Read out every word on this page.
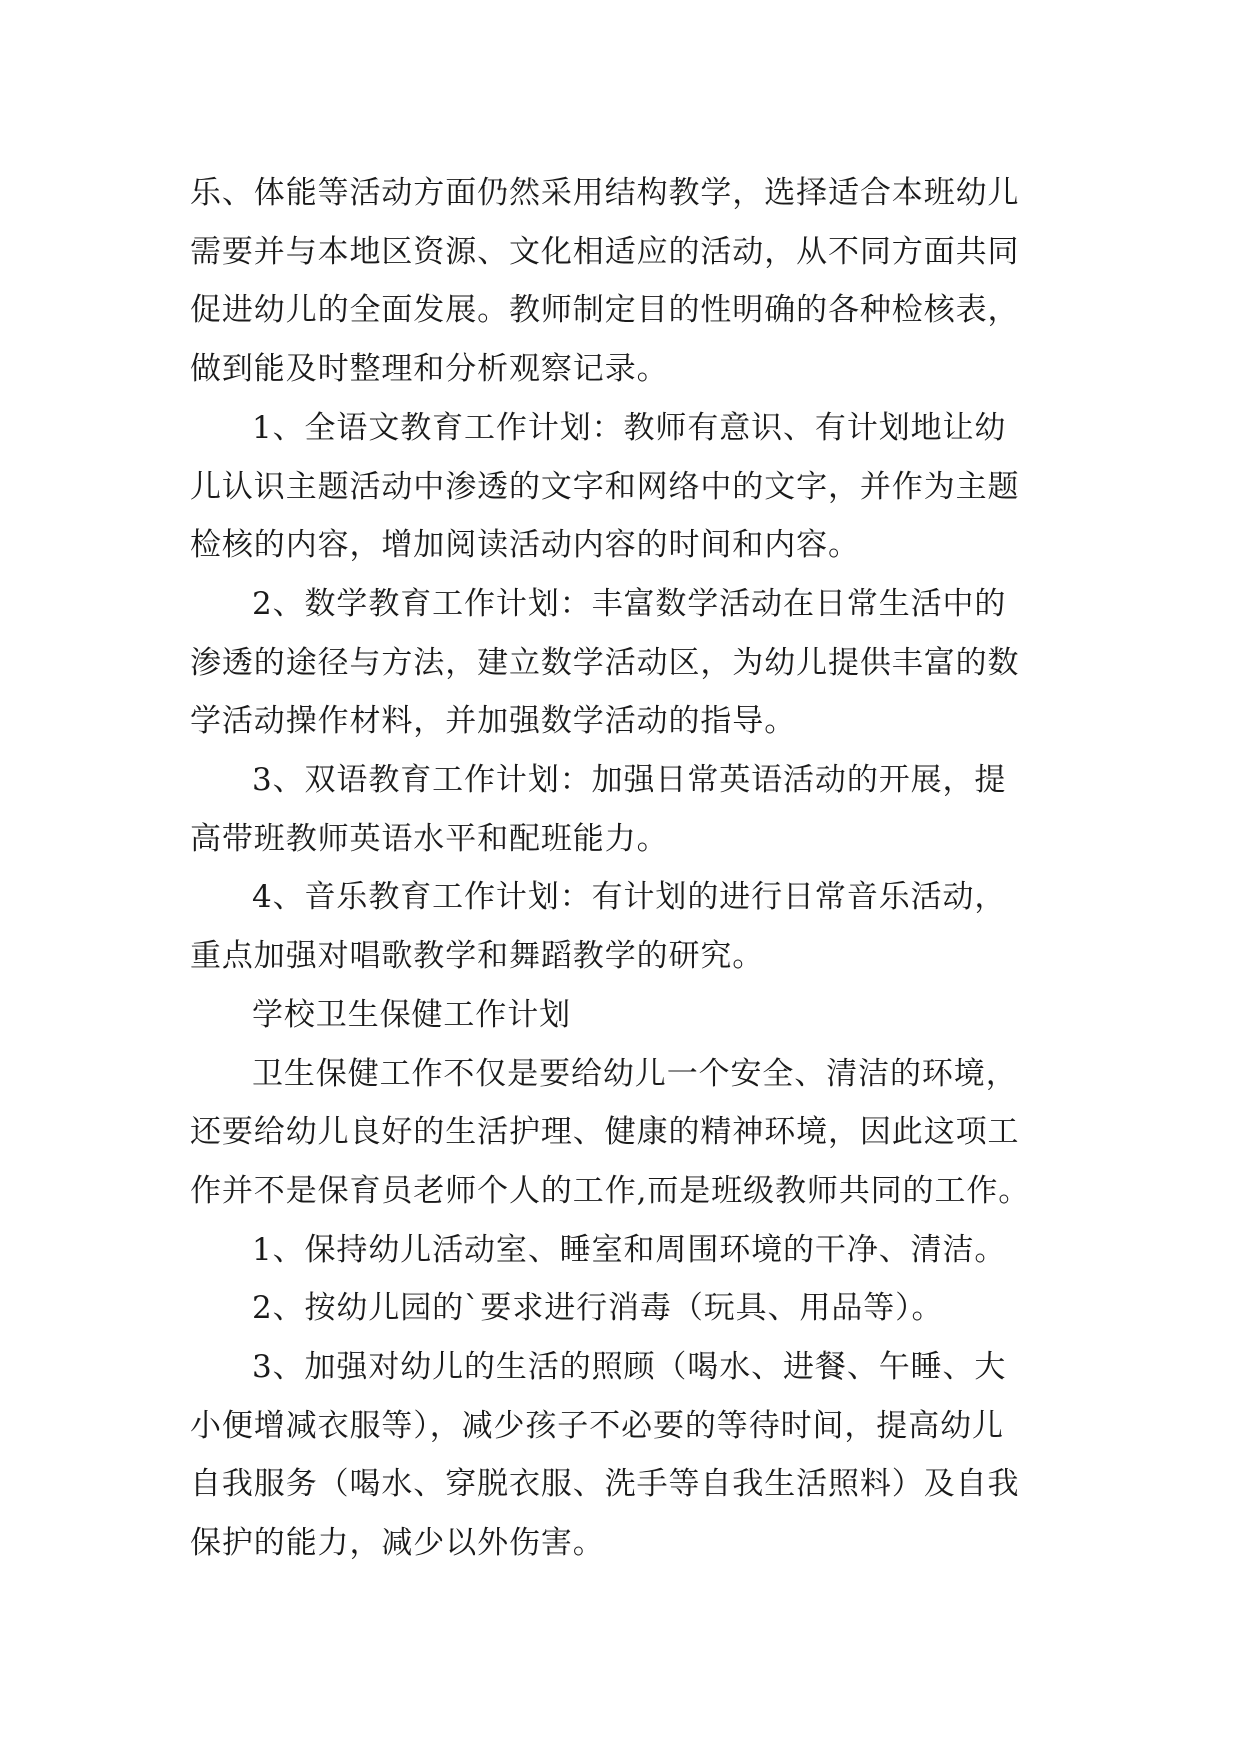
乐、体能等活动方面仍然采用结构教学，选择适合本班幼儿
需要并与本地区资源、文化相适应的活动，从不同方面共同
促进幼儿的全面发展。教师制定目的性明确的各种检核表，
做到能及时整理和分析观察记录。

1、全语文教育工作计划：教师有意识、有计划地让幼
儿认识主题活动中渗透的文字和网络中的文字，并作为主题
检核的内容，增加阅读活动内容的时间和内容。

2、数学教育工作计划：丰富数学活动在日常生活中的
渗透的途径与方法，建立数学活动区，为幼儿提供丰富的数
学活动操作材料，并加强数学活动的指导。

3、双语教育工作计划：加强日常英语活动的开展，提
高带班教师英语水平和配班能力。

4、音乐教育工作计划：有计划的进行日常音乐活动，
重点加强对唱歌教学和舞蹈教学的研究。

学校卫生保健工作计划

卫生保健工作不仅是要给幼儿一个安全、清洁的环境，
还要给幼儿良好的生活护理、健康的精神环境，因此这项工
作并不是保育员老师个人的工作,而是班级教师共同的工作。

1、保持幼儿活动室、睡室和周围环境的干净、清洁。

2、按幼儿园的`要求进行消毒（玩具、用品等）。

3、加强对幼儿的生活的照顾（喝水、进餐、午睡、大
小便增减衣服等），减少孩子不必要的等待时间，提高幼儿
自我服务（喝水、穿脱衣服、洗手等自我生活照料）及自我
保护的能力，减少以外伤害。
